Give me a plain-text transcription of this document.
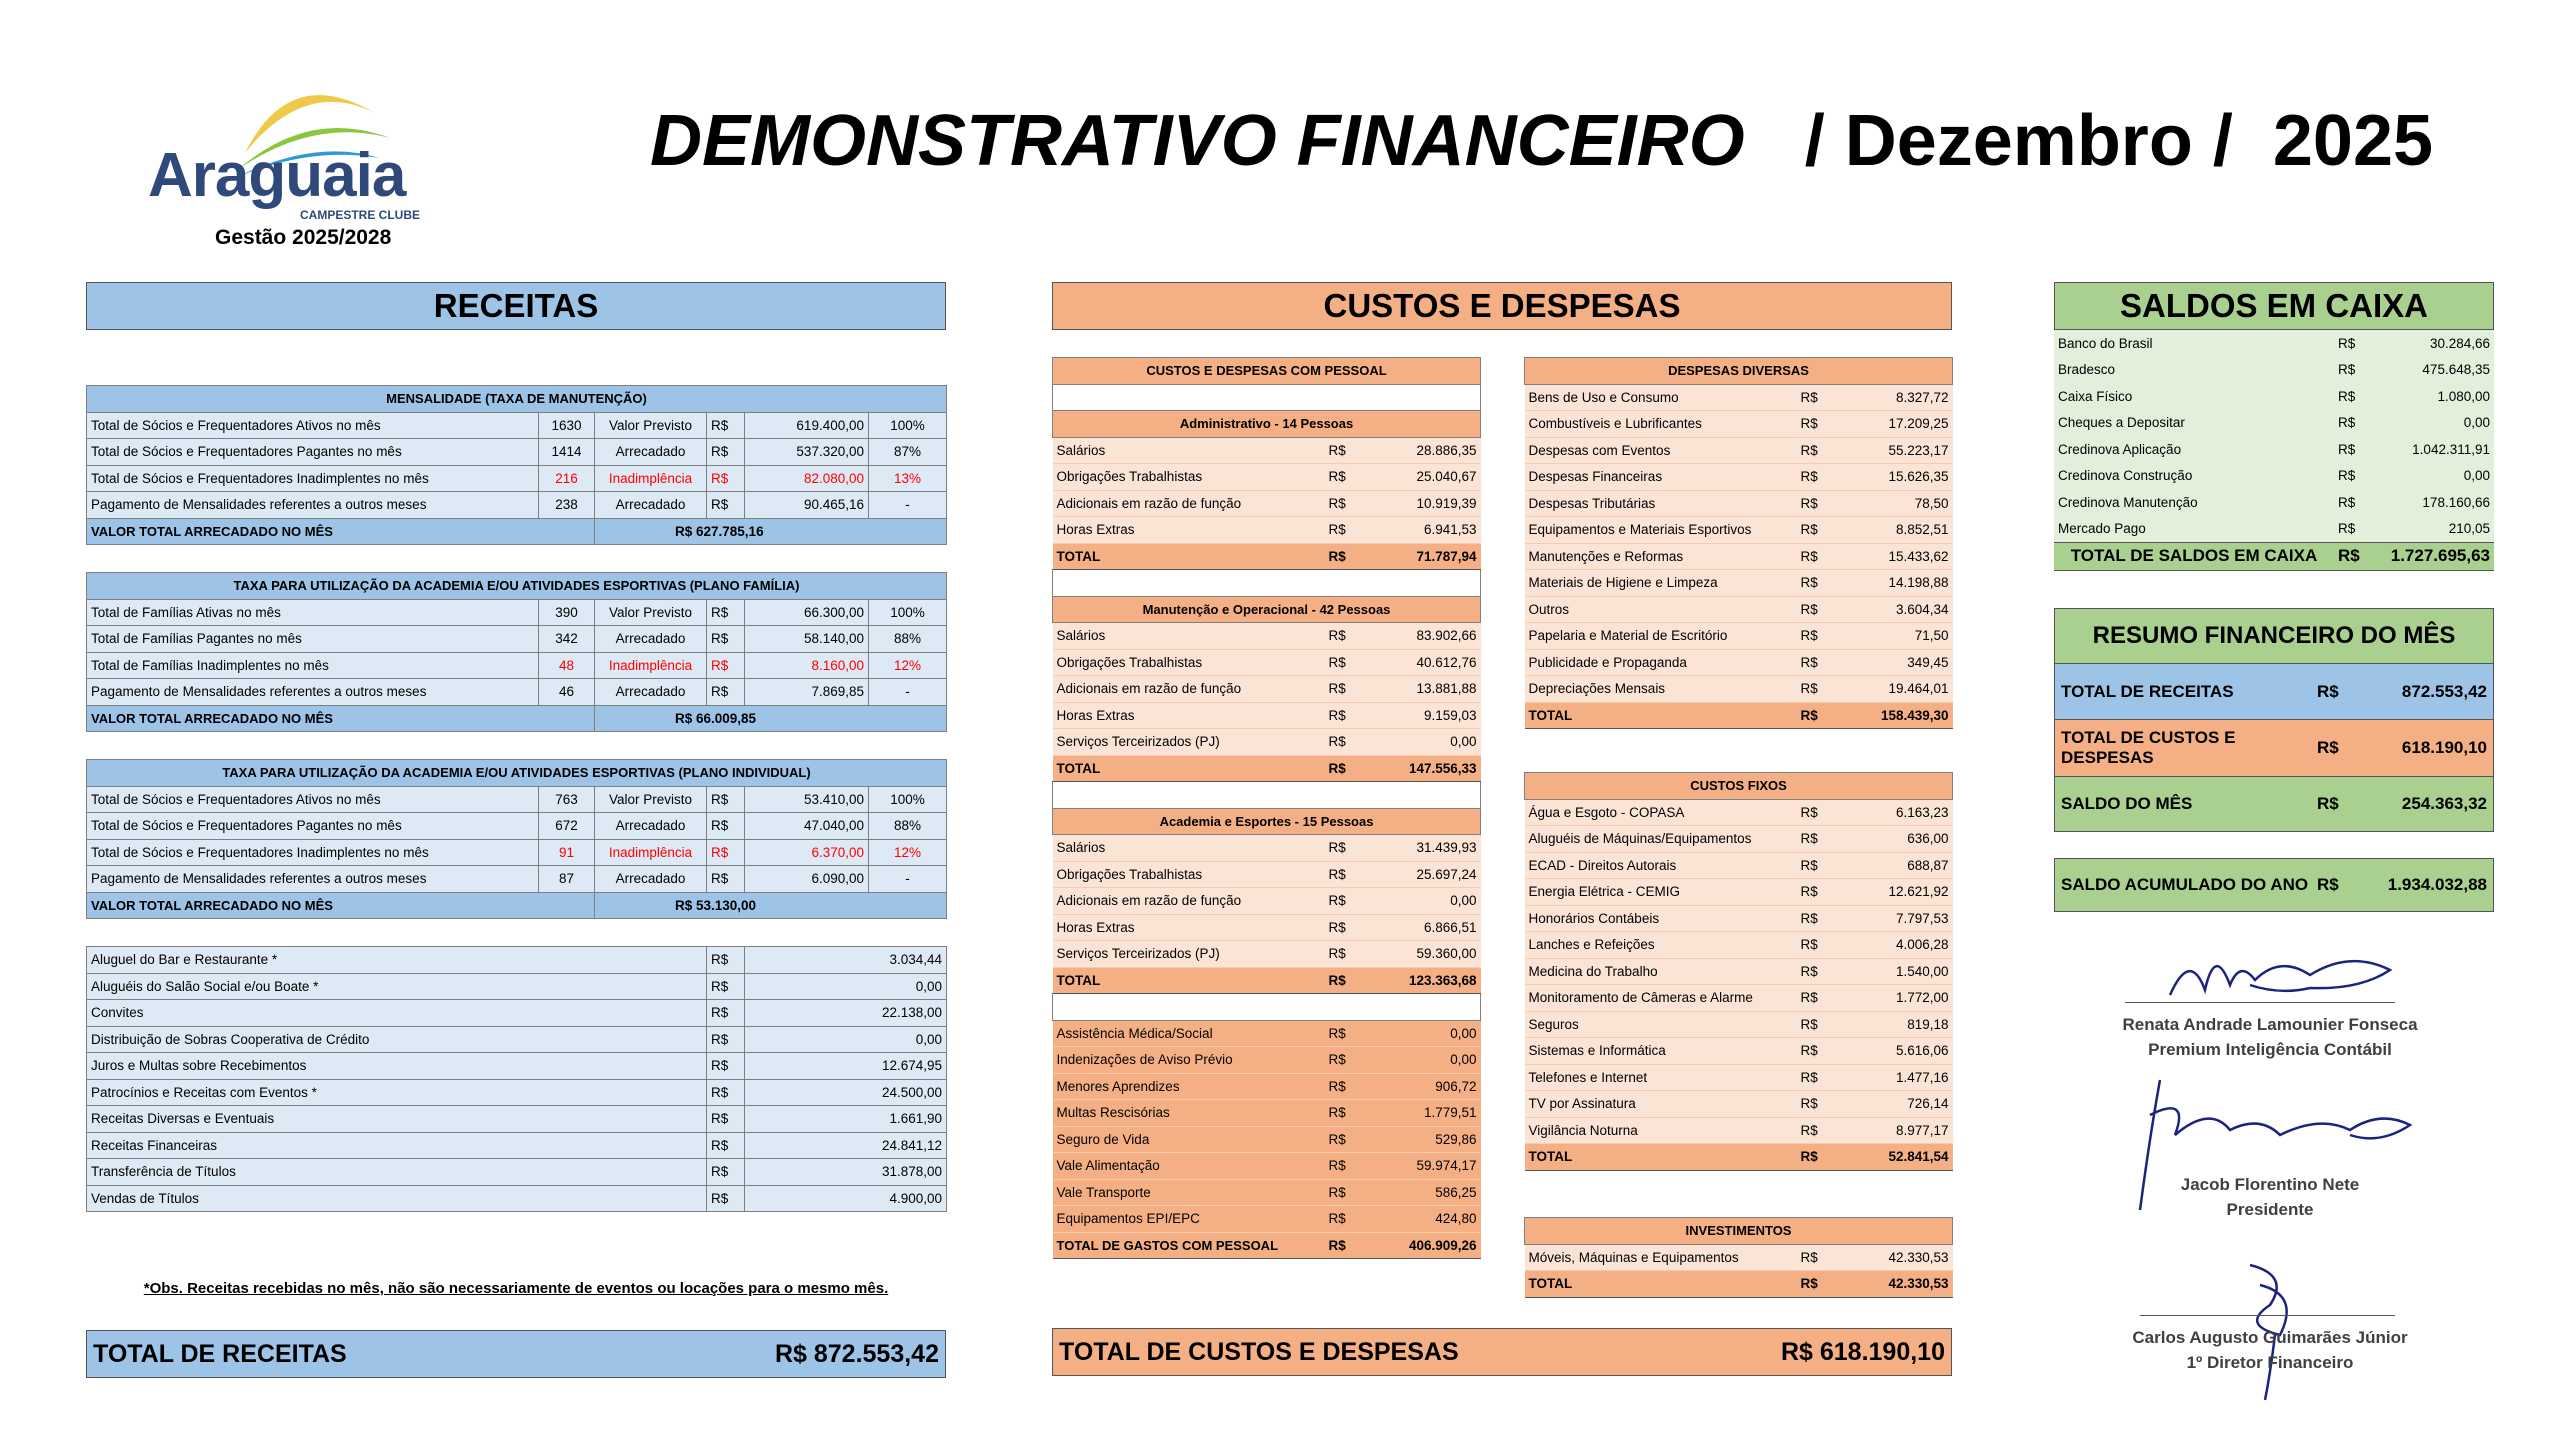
Araguaia
CAMPESTRE CLUBE
Gestão 2025/2028
DEMONSTRATIVO FINANCEIRO / Dezembro / 2025
RECEITAS
MENSALIDADE (TAXA DE MANUTENÇÃO)					
Total de Sócios e Frequentadores Ativos no mês	1630	Valor Previsto	R$	619.400,00	100%
Total de Sócios e Frequentadores Pagantes no mês	1414	Arrecadado	R$	537.320,00	87%
Total de Sócios e Frequentadores Inadimplentes no mês	216	Inadimplência	R$	82.080,00	13%
Pagamento de Mensalidades referentes a outros meses	238	Arrecadado	R$	90.465,16	-
VALOR TOTAL ARRECADADO NO MÊS		R$ 627.785,16			
TAXA PARA UTILIZAÇÃO DA ACADEMIA E/OU ATIVIDADES ESPORTIVAS (PLANO FAMÍLIA)					
Total de Famílias Ativas no mês	390	Valor Previsto	R$	66.300,00	100%
Total de Famílias Pagantes no mês	342	Arrecadado	R$	58.140,00	88%
Total de Famílias Inadimplentes no mês	48	Inadimplência	R$	8.160,00	12%
Pagamento de Mensalidades referentes a outros meses	46	Arrecadado	R$	7.869,85	-
VALOR TOTAL ARRECADADO NO MÊS		R$ 66.009,85			
TAXA PARA UTILIZAÇÃO DA ACADEMIA E/OU ATIVIDADES ESPORTIVAS (PLANO INDIVIDUAL)					
Total de Sócios e Frequentadores Ativos no mês	763	Valor Previsto	R$	53.410,00	100%
Total de Sócios e Frequentadores Pagantes no mês	672	Arrecadado	R$	47.040,00	88%
Total de Sócios e Frequentadores Inadimplentes no mês	91	Inadimplência	R$	6.370,00	12%
Pagamento de Mensalidades referentes a outros meses	87	Arrecadado	R$	6.090,00	-
VALOR TOTAL ARRECADADO NO MÊS		R$ 53.130,00			
Aluguel do Bar e Restaurante *	R$	3.034,44
Aluguéis do Salão Social e/ou Boate *	R$	0,00
Convites	R$	22.138,00
Distribuição de Sobras Cooperativa de Crédito	R$	0,00
Juros e Multas sobre Recebimentos	R$	12.674,95
Patrocínios e Receitas com Eventos *	R$	24.500,00
Receitas Diversas e Eventuais	R$	1.661,90
Receitas Financeiras	R$	24.841,12
Transferência de Títulos	R$	31.878,00
Vendas de Títulos	R$	4.900,00
*Obs. Receitas recebidas no mês, não são necessariamente de eventos ou locações para o mesmo mês.
TOTAL DE RECEITAS	R$ 872.553,42
CUSTOS E DESPESAS
CUSTOS E DESPESAS COM PESSOAL		

Administrativo - 14 Pessoas		
Salários	R$	28.886,35
Obrigações Trabalhistas	R$	25.040,67
Adicionais em razão de função	R$	10.919,39
Horas Extras	R$	6.941,53
TOTAL	R$	71.787,94

Manutenção e Operacional - 42 Pessoas		
Salários	R$	83.902,66
Obrigações Trabalhistas	R$	40.612,76
Adicionais em razão de função	R$	13.881,88
Horas Extras	R$	9.159,03
Serviços Terceirizados (PJ)	R$	0,00
TOTAL	R$	147.556,33

Academia e Esportes - 15 Pessoas		
Salários	R$	31.439,93
Obrigações Trabalhistas	R$	25.697,24
Adicionais em razão de função	R$	0,00
Horas Extras	R$	6.866,51
Serviços Terceirizados (PJ)	R$	59.360,00
TOTAL	R$	123.363,68

Assistência Médica/Social	R$	0,00
Indenizações de Aviso Prévio	R$	0,00
Menores Aprendizes	R$	906,72
Multas Rescisórias	R$	1.779,51
Seguro de Vida	R$	529,86
Vale Alimentação	R$	59.974,17
Vale Transporte	R$	586,25
Equipamentos EPI/EPC	R$	424,80
TOTAL DE GASTOS COM PESSOAL	R$	406.909,26
DESPESAS DIVERSAS		
Bens de Uso e Consumo	R$	8.327,72
Combustíveis e Lubrificantes	R$	17.209,25
Despesas com Eventos	R$	55.223,17
Despesas Financeiras	R$	15.626,35
Despesas Tributárias	R$	78,50
Equipamentos e Materiais Esportivos	R$	8.852,51
Manutenções e Reformas	R$	15.433,62
Materiais de Higiene e Limpeza	R$	14.198,88
Outros	R$	3.604,34
Papelaria e Material de Escritório	R$	71,50
Publicidade e Propaganda	R$	349,45
Depreciações Mensais	R$	19.464,01
TOTAL	R$	158.439,30
CUSTOS FIXOS		
Água e Esgoto - COPASA	R$	6.163,23
Aluguéis de Máquinas/Equipamentos	R$	636,00
ECAD - Direitos Autorais	R$	688,87
Energia Elétrica - CEMIG	R$	12.621,92
Honorários Contábeis	R$	7.797,53
Lanches e Refeições	R$	4.006,28
Medicina do Trabalho	R$	1.540,00
Monitoramento de Câmeras e Alarme	R$	1.772,00
Seguros	R$	819,18
Sistemas e Informática	R$	5.616,06
Telefones e Internet	R$	1.477,16
TV por Assinatura	R$	726,14
Vigilância Noturna	R$	8.977,17
TOTAL	R$	52.841,54
INVESTIMENTOS		
Móveis, Máquinas e Equipamentos	R$	42.330,53
TOTAL	R$	42.330,53
TOTAL DE CUSTOS E DESPESAS	R$ 618.190,10
SALDOS EM CAIXA
Banco do Brasil	R$	30.284,66
Bradesco	R$	475.648,35
Caixa Físico	R$	1.080,00
Cheques a Depositar	R$	0,00
Credinova Aplicação	R$	1.042.311,91
Credinova Construção	R$	0,00
Credinova Manutenção	R$	178.160,66
Mercado Pago	R$	210,05
TOTAL DE SALDOS EM CAIXA	R$	1.727.695,63
RESUMO FINANCEIRO DO MÊS
TOTAL DE RECEITAS	R$	872.553,42
TOTAL DE CUSTOS E DESPESAS
R$	618.190,10
SALDO DO MÊS	R$	254.363,32
SALDO ACUMULADO DO ANO R$	1.934.032,88
Renata Andrade Lamounier Fonseca
Premium Inteligência Contábil
Jacob Florentino Nete
Presidente
Carlos Augusto Guimarães Júnior
1º Diretor Financeiro
